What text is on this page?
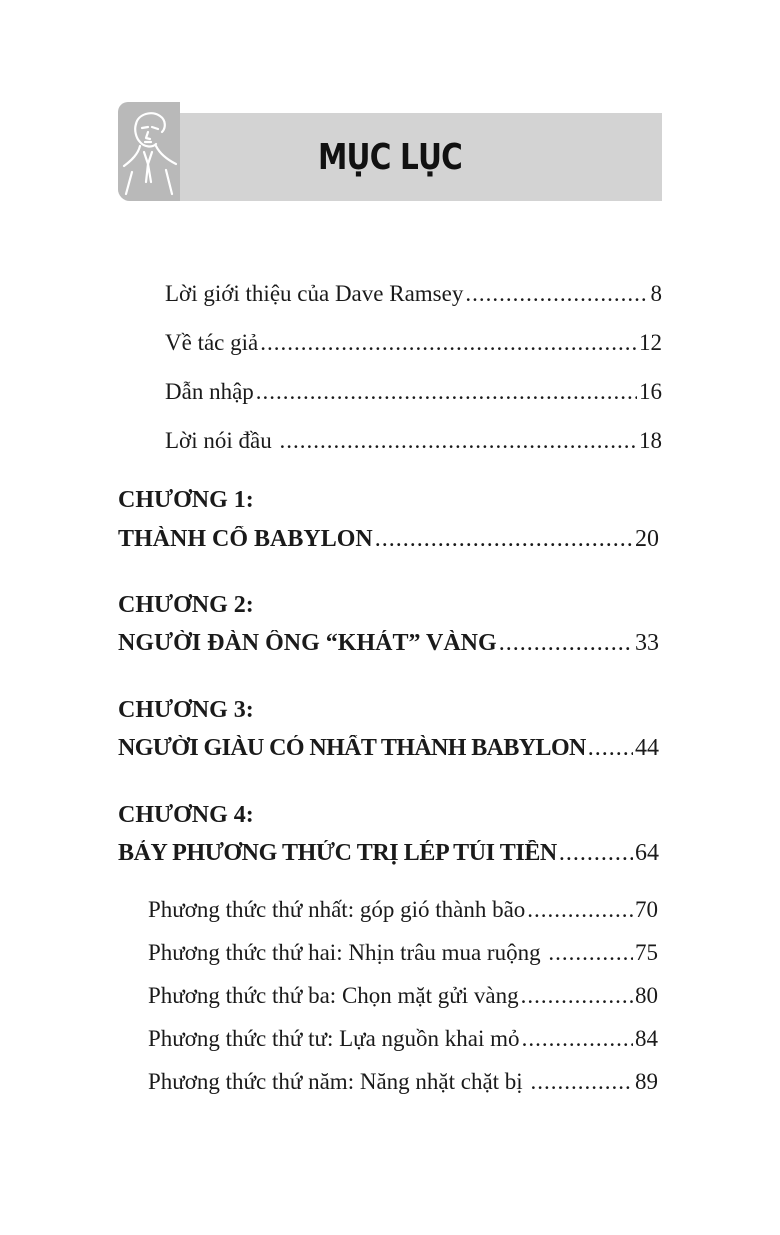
MỤC LỤC
Lời giới thiệu của Dave Ramsey .....	8
Về tác giả .....	12
Dẫn nhập .....	16
Lời nói đầu .....	18
CHƯƠNG 1:
THÀNH CỔ BABYLON .....	20
CHƯƠNG 2:
NGƯỜI ĐÀN ÔNG “KHÁT” VÀNG .....	33
CHƯƠNG 3:
NGƯỜI GIÀU CÓ NHẤT THÀNH BABYLON ..... 44
CHƯƠNG 4:
BẢY PHƯƠNG THỨC TRỊ LÉP TÚI TIỀN .....	64
Phương thức thứ nhất: góp gió thành bão .....	70
Phương thức thứ hai: Nhịn trâu mua ruộng .....	75
Phương thức thứ ba: Chọn mặt gửi vàng .....	80
Phương thức thứ tư: Lựa nguồn khai mỏ .....	84
Phương thức thứ năm: Năng nhặt chặt bị .....	89
